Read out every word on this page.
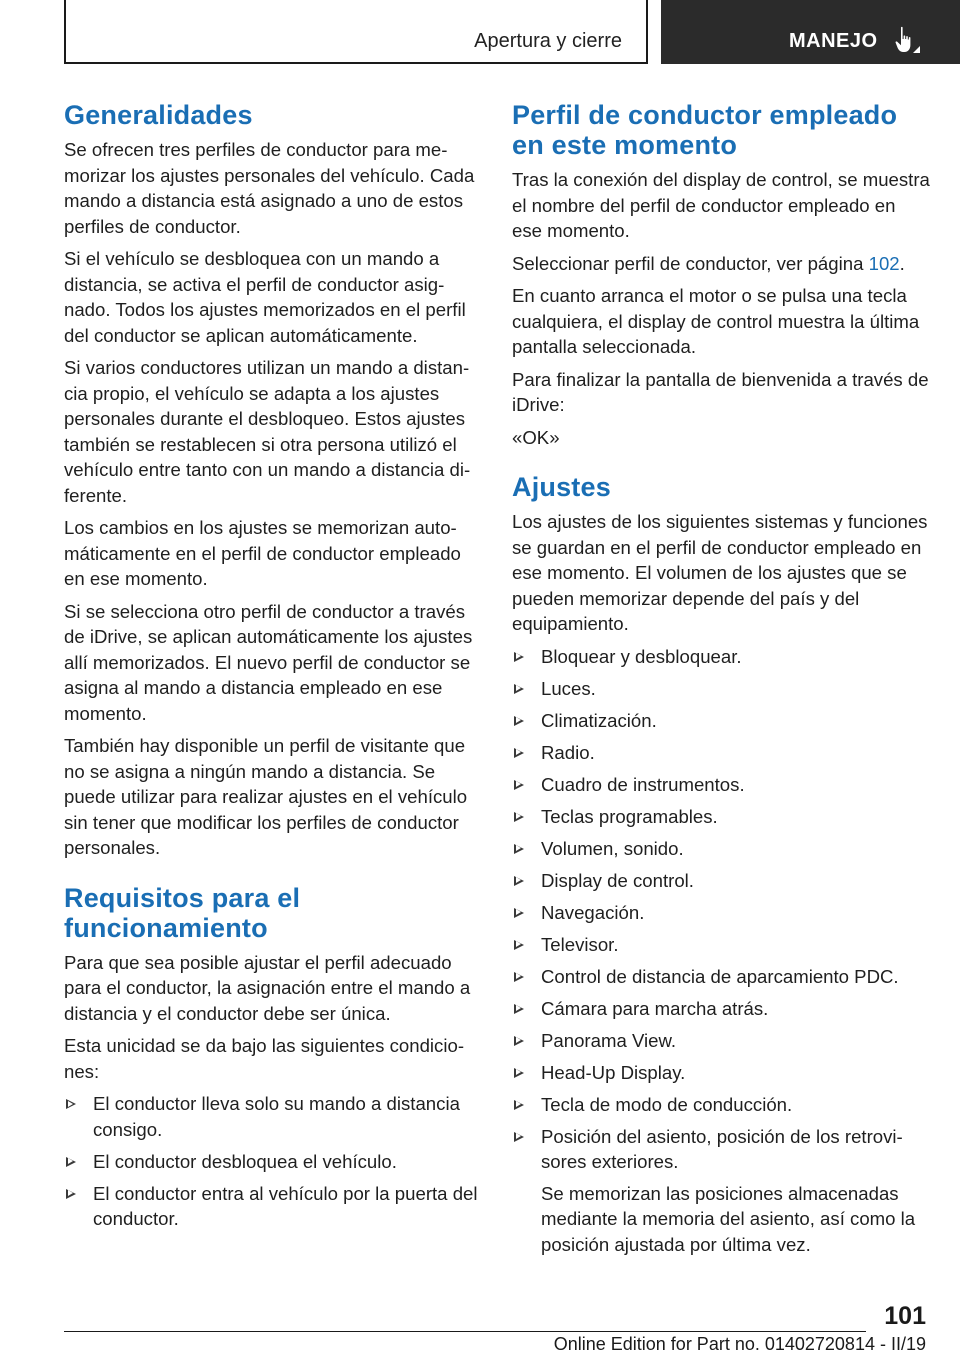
Apertura y cierre	MANEJO
Generalidades

Se ofrecen tres perfiles de conductor para memorizar los ajustes personales del vehículo. Cada mando a distancia está asignado a uno de estos perfiles de conductor.

Si el vehículo se desbloquea con un mando a distancia, se activa el perfil de conductor asignado. Todos los ajustes memorizados en el perfil del conductor se aplican automáticamente.

Si varios conductores utilizan un mando a distancia propio, el vehículo se adapta a los ajustes personales durante el desbloqueo. Estos ajustes también se restablecen si otra persona utilizó el vehículo entre tanto con un mando a distancia diferente.

Los cambios en los ajustes se memorizan automáticamente en el perfil de conductor empleado en ese momento.

Si se selecciona otro perfil de conductor a través de iDrive, se aplican automáticamente los ajustes allí memorizados. El nuevo perfil de conductor se asigna al mando a distancia empleado en ese momento.

También hay disponible un perfil de visitante que no se asigna a ningún mando a distancia. Se puede utilizar para realizar ajustes en el vehículo sin tener que modificar los perfiles de conductor personales.

Requisitos para el funcionamiento

Para que sea posible ajustar el perfil adecuado para el conductor, la asignación entre el mando a distancia y el conductor debe ser única.

Esta unicidad se da bajo las siguientes condiciones:

El conductor lleva solo su mando a distancia consigo.
El conductor desbloquea el vehículo.
El conductor entra al vehículo por la puerta del conductor.
Perfil de conductor empleado en este momento

Tras la conexión del display de control, se muestra el nombre del perfil de conductor empleado en ese momento.

Seleccionar perfil de conductor, ver página 102.

En cuanto arranca el motor o se pulsa una tecla cualquiera, el display de control muestra la última pantalla seleccionada.

Para finalizar la pantalla de bienvenida a través de iDrive:

«OK»

Ajustes

Los ajustes de los siguientes sistemas y funciones se guardan en el perfil de conductor empleado en ese momento. El volumen de los ajustes que se pueden memorizar depende del país y del equipamiento.

Bloquear y desbloquear.
Luces.
Climatización.
Radio.
Cuadro de instrumentos.
Teclas programables.
Volumen, sonido.
Display de control.
Navegación.
Televisor.
Control de distancia de aparcamiento PDC.
Cámara para marcha atrás.
Panorama View.
Head-Up Display.
Tecla de modo de conducción.
Posición del asiento, posición de los retrovisores exteriores.

Se memorizan las posiciones almacenadas mediante la memoria del asiento, así como la posición ajustada por última vez.

101
Online Edition for Part no. 01402720814 - II/19
